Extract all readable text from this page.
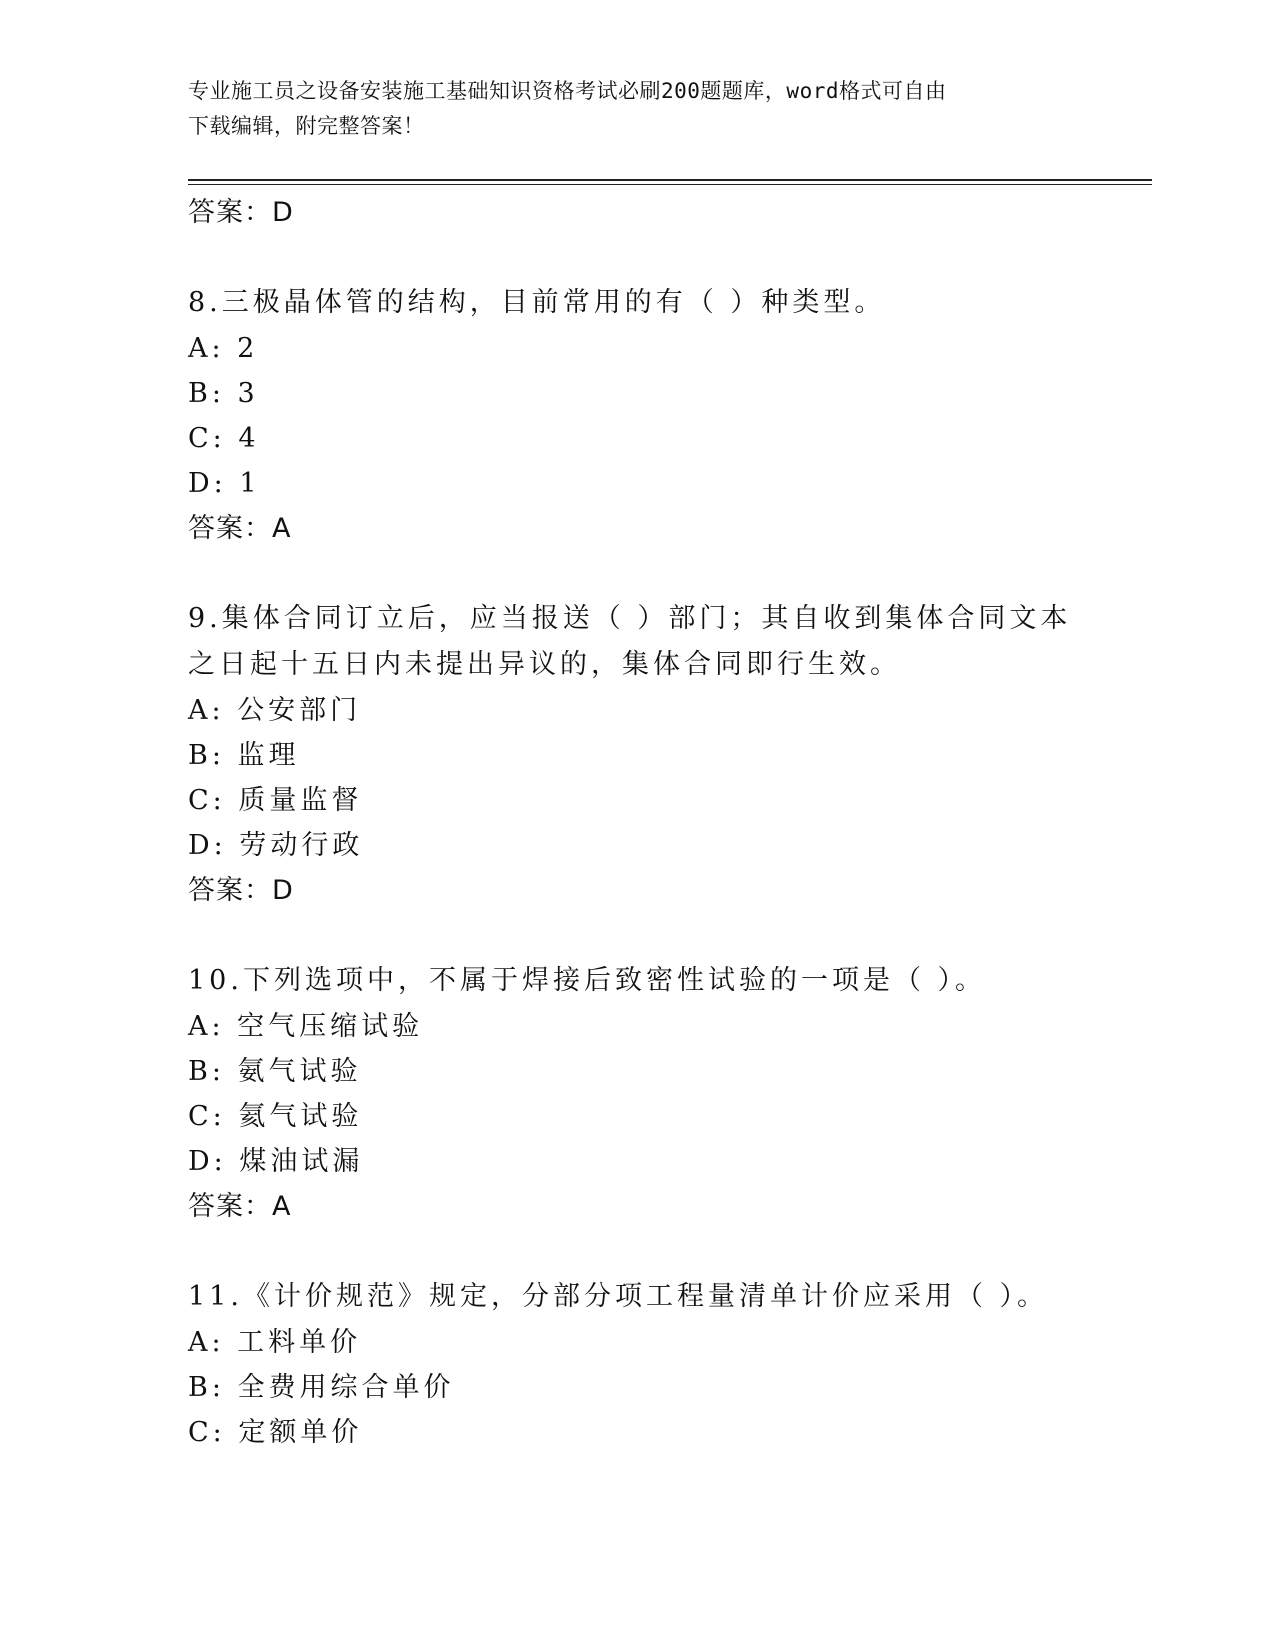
专业施工员之设备安装施工基础知识资格考试必刷200题题库，word格式可自由
下载编辑，附完整答案！
答案：D

8.三极晶体管的结构，目前常用的有（ ）种类型。

A: 2
B: 3
C: 4
D: 1
答案：A

9.集体合同订立后，应当报送（ ）部门；其自收到集体合同文本之日起十五日内未提出异议的，集体合同即行生效。

A: 公安部门
B: 监理
C: 质量监督
D: 劳动行政
答案：D

10.下列选项中，不属于焊接后致密性试验的一项是（ ）。

A: 空气压缩试验
B: 氨气试验
C: 氦气试验
D: 煤油试漏
答案：A

11.《计价规范》规定，分部分项工程量清单计价应采用（ ）。

A: 工料单价
B: 全费用综合单价
C: 定额单价
